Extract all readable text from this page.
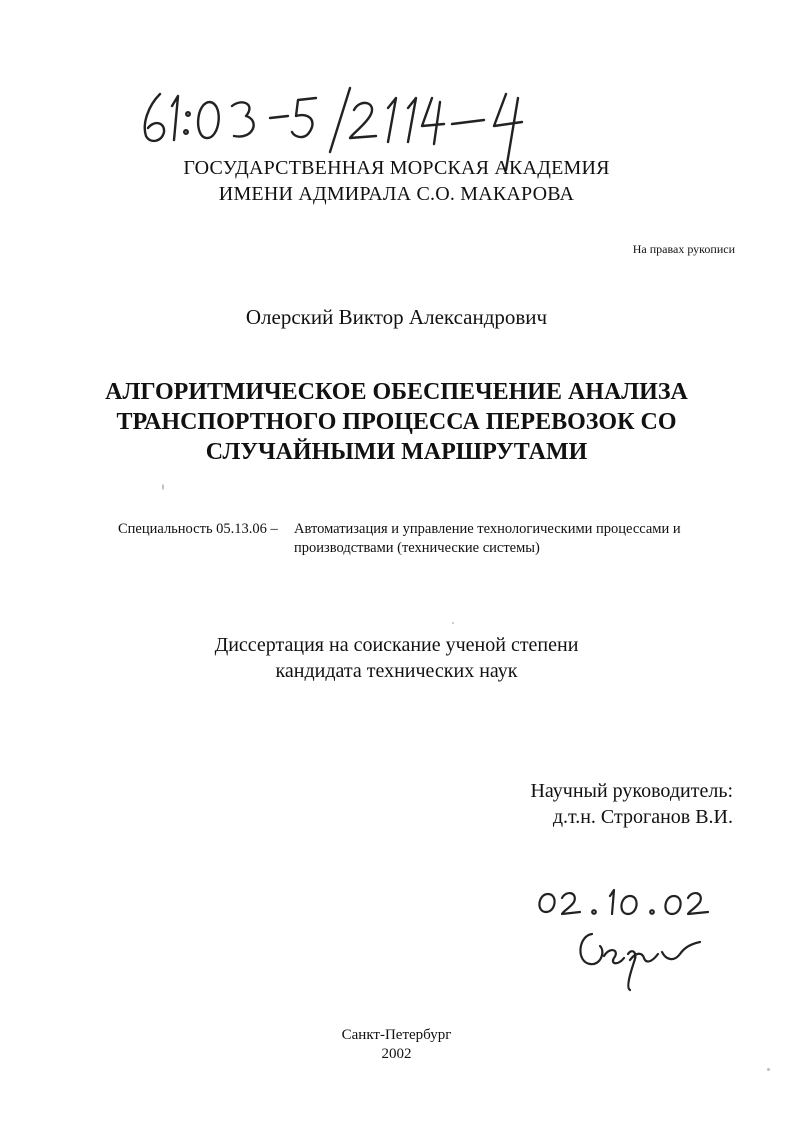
ГОСУДАРСТВЕННАЯ МОРСКАЯ АКАДЕМИЯ
ИМЕНИ АДМИРАЛА С.О. МАКАРОВА
На правах рукописи
Олерский Виктор Александрович
АЛГОРИТМИЧЕСКОЕ ОБЕСПЕЧЕНИЕ АНАЛИЗА
ТРАНСПОРТНОГО ПРОЦЕССА ПЕРЕВОЗОК СО
СЛУЧАЙНЫМИ МАРШРУТАМИ
Специальность 05.13.06 – Автоматизация и управление технологическими процессами и
производствами (технические системы)
Диссертация на соискание ученой степени
кандидата технических наук
Научный руководитель:
д.т.н. Строганов В.И.
Санкт-Петербург
2002
